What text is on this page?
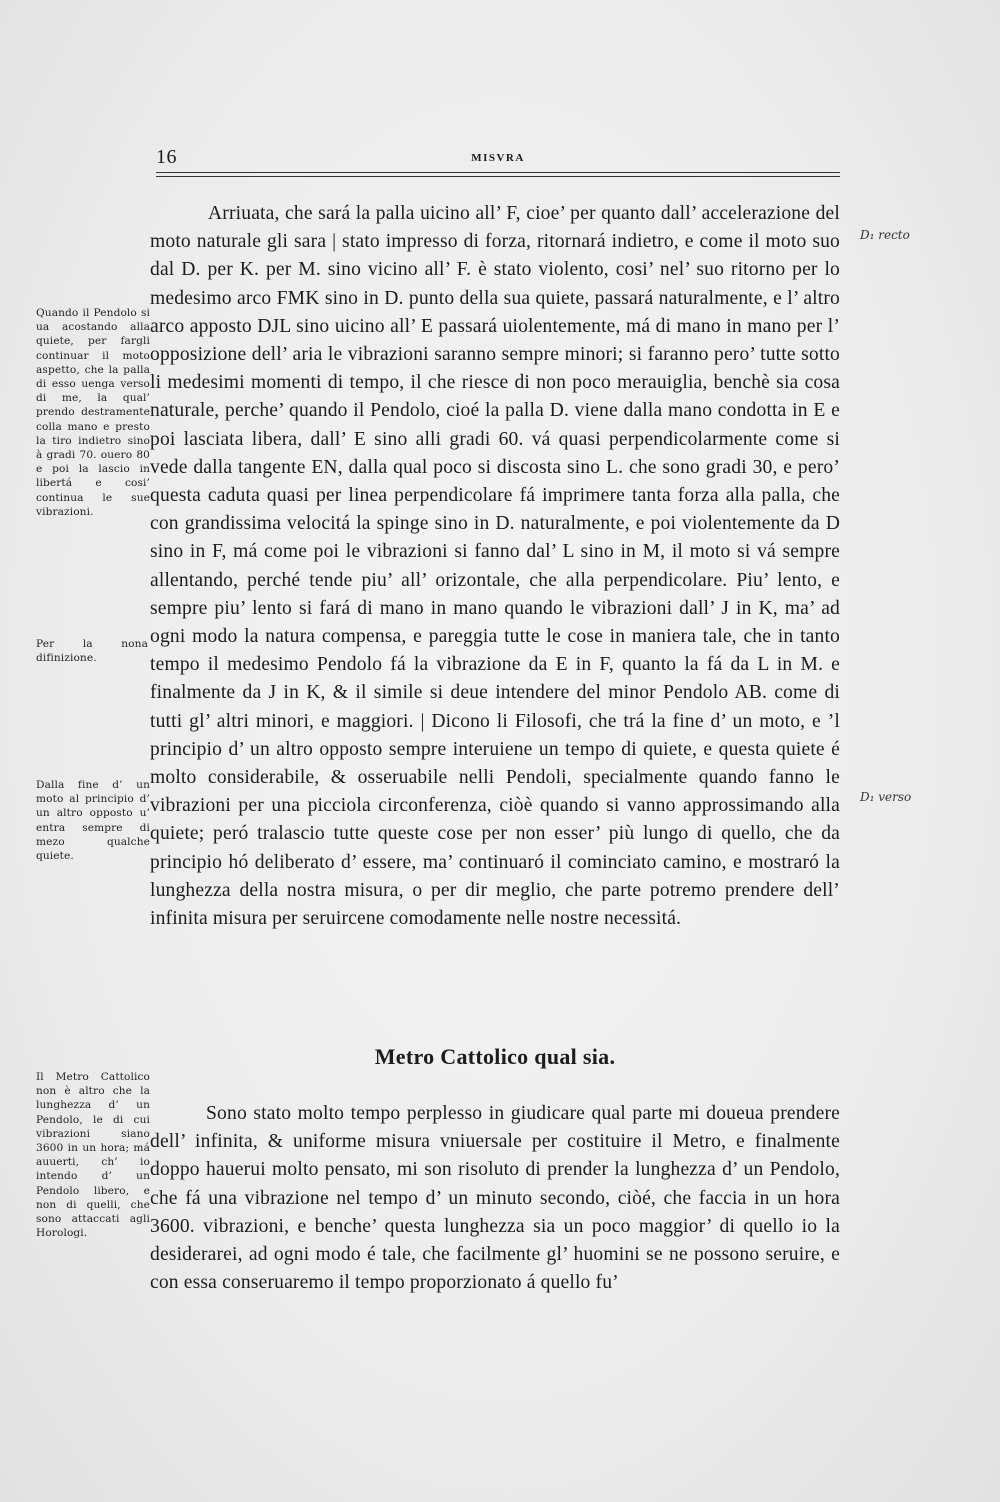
16	MISVRA
Quando il Pendolo si ua acostando alla quiete, per fargli continuar il moto aspetto, che la palla di esso uenga verso di me, la qual’ prendo destramente colla mano e presto la tiro indietro sino à gradi 70. ouero 80 e poi la lascio in libertá e cosi’ continua le sue vibrazioni.
Per la nona difinizione.
Dalla fine d’ un moto al principio d’ un altro opposto u’ entra sempre di mezo qualche quiete.
Il Metro Cattolico non è altro che la lunghezza d’ un Pendolo, le di cui vibrazioni siano 3600 in un hora; má auuerti, ch’ io intendo d’ un Pendolo libero, e non di quelli, che sono attaccati agli Horologi.
Arriuata, che sará la palla uicino all’ F, cioe’ per quanto dall’ accelerazione del moto naturale gli sara | stato impresso di forza, ritornará indietro, e come il moto suo dal D. per K. per M. sino vicino all’ F. è stato violento, cosi’ nel’ suo ritorno per lo medesimo arco FMK sino in D. punto della sua quiete, passará naturalmente, e l’ altro arco apposto DJL sino uicino all’ E passará uiolentemente, má di mano in mano per l’ opposizione dell’ aria le vibrazioni saranno sempre minori; si faranno pero’ tutte sotto li medesimi momenti di tempo, il che riesce di non poco merauiglia, benchè sia cosa naturale, perche’ quando il Pendolo, cioé la palla D. viene dalla mano condotta in E e poi lasciata libera, dall’ E sino alli gradi 60. vá quasi perpendicolarmente come si vede dalla tangente EN, dalla qual poco si discosta sino L. che sono gradi 30, e pero’ questa caduta quasi per linea perpendicolare fá imprimere tanta forza alla palla, che con grandissima velocitá la spinge sino in D. naturalmente, e poi violentemente da D sino in F, má come poi le vibrazioni si fanno dal’ L sino in M, il moto si vá sempre allentando, perché tende piu’ all’ orizontale, che alla perpendicolare. Piu’ lento, e sempre piu’ lento si fará di mano in mano quando le vibrazioni dall’ J in K, ma’ ad ogni modo la natura compensa, e pareggia tutte le cose in maniera tale, che in tanto tempo il medesimo Pendolo fá la vibrazione da E in F, quanto la fá da L in M. e finalmente da J in K, & il simile si deue intendere del minor Pendolo AB. come di tutti gl’ altri minori, e maggiori. | Dicono li Filosofi, che trá la fine d’ un moto, e ’l principio d’ un altro opposto sempre interuiene un tempo di quiete, e questa quiete é molto considerabile, & osseruabile nelli Pendoli, specialmente quando fanno le vibrazioni per una picciola circonferenza, ciòè quando si vanno approssimando alla quiete; peró tralascio tutte queste cose per non esser’ più lungo di quello, che da principio hó deliberato d’ essere, ma’ continuaró il cominciato camino, e mostraró la lunghezza della nostra misura, o per dir meglio, che parte potremo prendere dell’ infinita misura per seruircene comodamente nelle nostre necessitá.
Metro Cattolico qual sia.
Sono stato molto tempo perplesso in giudicare qual parte mi doueua prendere dell’ infinita, & uniforme misura vniuersale per costituire il Metro, e finalmente doppo hauerui molto pensato, mi son risoluto di prender la lunghezza d’ un Pendolo, che fá una vibrazione nel tempo d’ un minuto secondo, ciòé, che faccia in un hora 3600. vibrazioni, e benche’ questa lunghezza sia un poco maggior’ di quello io la desiderarei, ad ogni modo é tale, che facilmente gl’ huomini se ne possono seruire, e con essa conseruaremo il tempo proporzionato á quello fu’
D₁ recto
D₁ verso
